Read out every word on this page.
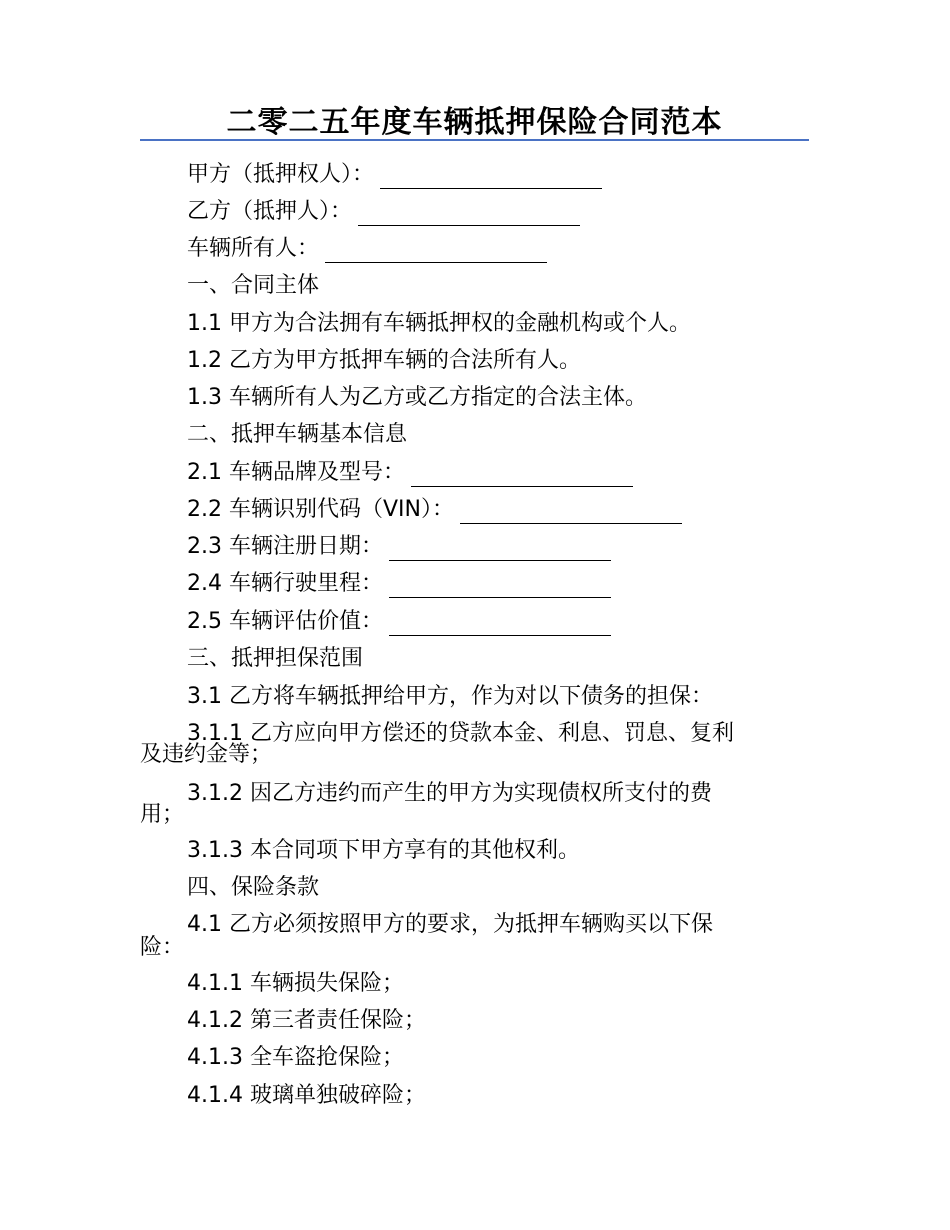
二零二五年度车辆抵押保险合同范本
甲方（抵押权人）：
乙方（抵押人）：
车辆所有人：
一、合同主体
1.1 甲方为合法拥有车辆抵押权的金融机构或个人。
1.2 乙方为甲方抵押车辆的合法所有人。
1.3 车辆所有人为乙方或乙方指定的合法主体。
二、抵押车辆基本信息
2.1 车辆品牌及型号：
2.2 车辆识别代码（VIN）：
2.3 车辆注册日期：
2.4 车辆行驶里程：
2.5 车辆评估价值：
三、抵押担保范围
3.1 乙方将车辆抵押给甲方，作为对以下债务的担保：
3.1.1 乙方应向甲方偿还的贷款本金、利息、罚息、复利
及违约金等；
3.1.2 因乙方违约而产生的甲方为实现债权所支付的费
用；
3.1.3 本合同项下甲方享有的其他权利。
四、保险条款
4.1 乙方必须按照甲方的要求，为抵押车辆购买以下保
险：
4.1.1 车辆损失保险；
4.1.2 第三者责任保险；
4.1.3 全车盗抢保险；
4.1.4 玻璃单独破碎险；
